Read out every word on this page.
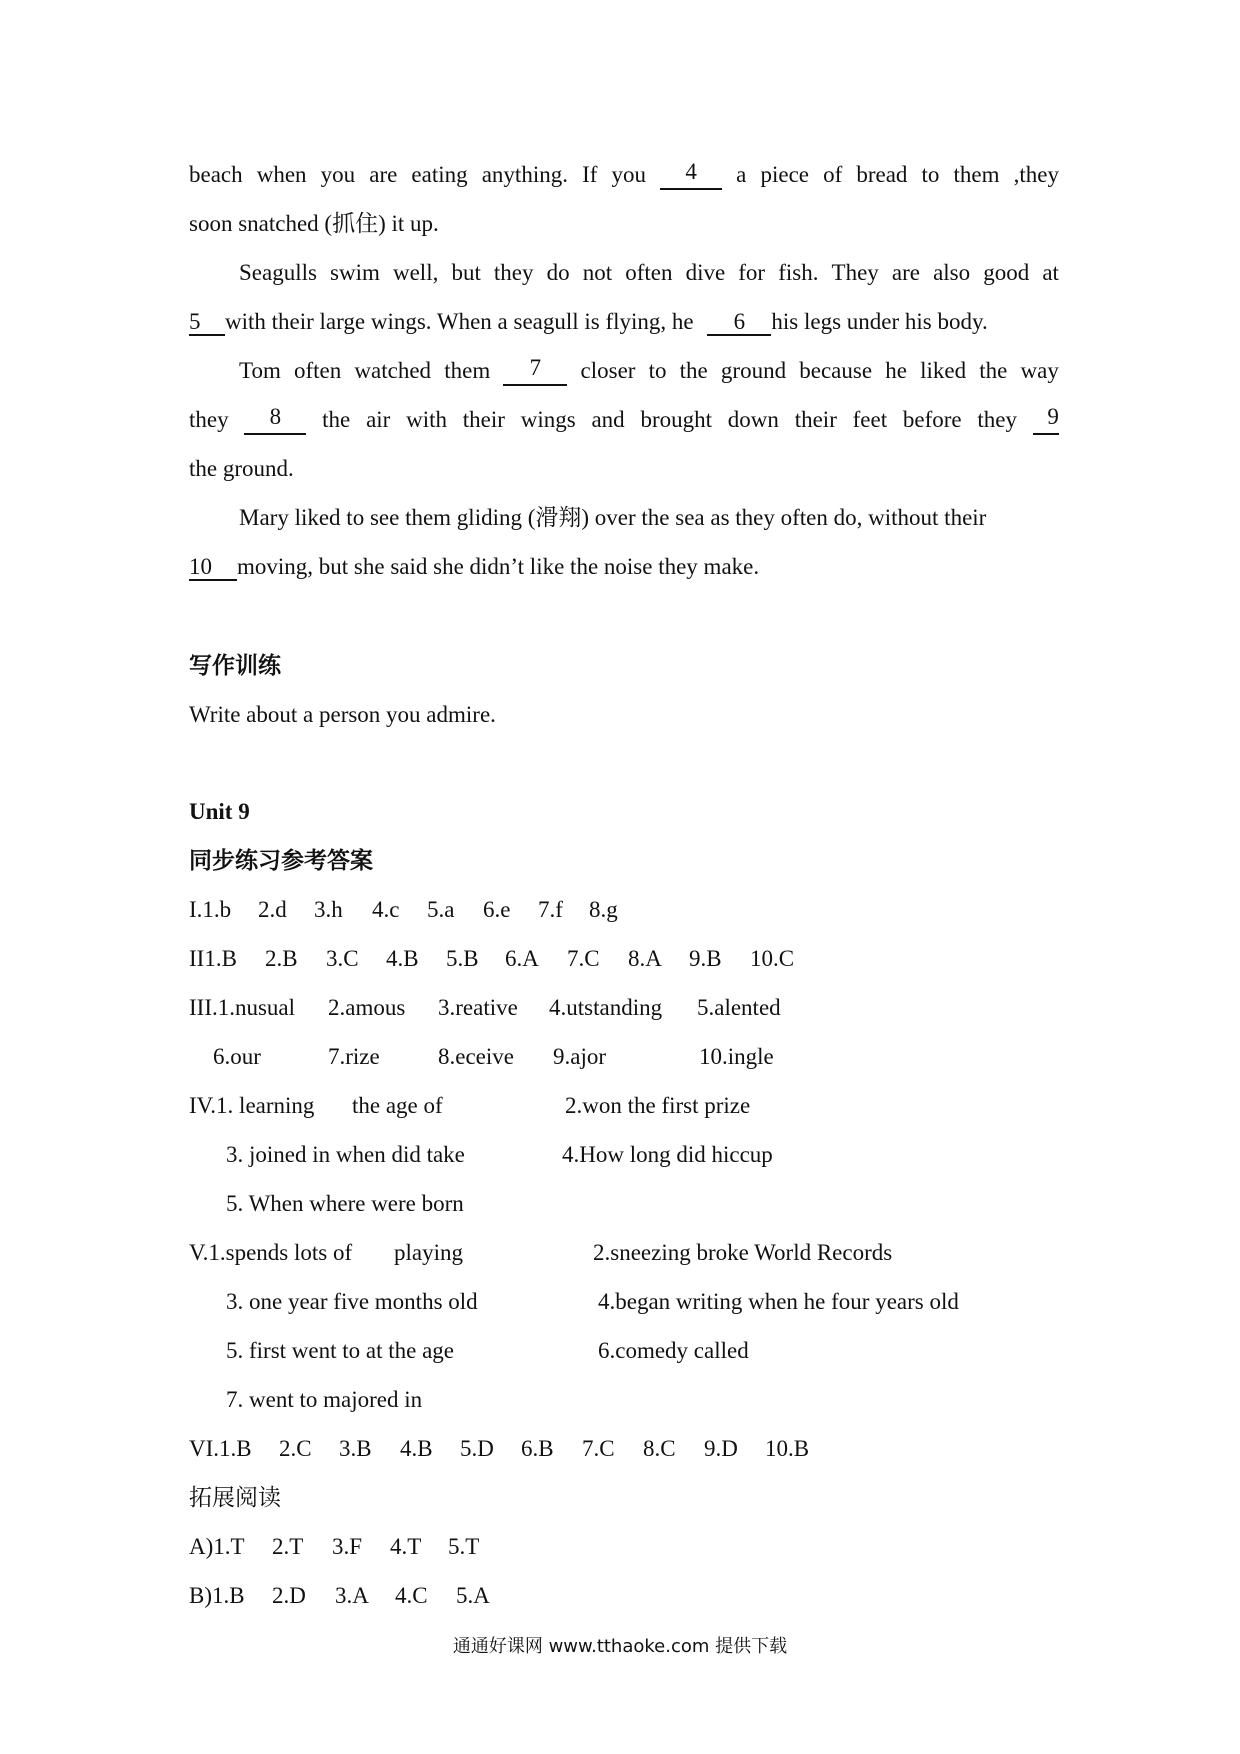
beach when you are eating anything. If you	4	a piece of bread to them ,they
soon snatched (抓住) it up.
Seagulls swim well, but they do not often dive for fish. They are also good at
5 with their large wings. When a seagull is flying, he 6 his legs under his body.
Tom often watched them	7	closer to the ground because he liked the way
they	8	the air with their wings and brought down their feet before they	9
the ground.
Mary liked to see them gliding (滑翔) over the sea as they often do, without their
10 moving, but she said she didn’t like the noise they make.
写作训练
Write about a person you admire.
Unit 9
同步练习参考答案
I.1.b 2.d 3.h 4.c 5.a 6.e 7.f 8.g
II1.B 2.B 3.C 4.B 5.B 6.A 7.C 8.A 9.B 10.C
III.1.nusual 2.amous 3.reative 4.utstanding 5.alented
6.our	7.rize	8.eceive 9.ajor	10.ingle
IV.1. learning the age of	2.won the first prize
3. joined in when did take	4.How long did hiccup
5. When where were born
V.1.spends lots of playing	2.sneezing broke World Records
3. one year five months old	4.began writing when he four years old
5. first went to at the age	6.comedy called
7. went to majored in
VI.1.B 2.C 3.B 4.B 5.D 6.B 7.C 8.C 9.D 10.B
拓展阅读
A)1.T 2.T 3.F 4.T 5.T
B)1.B 2.D 3.A 4.C 5.A
通通好课网 www.tthaoke.com 提供下载
